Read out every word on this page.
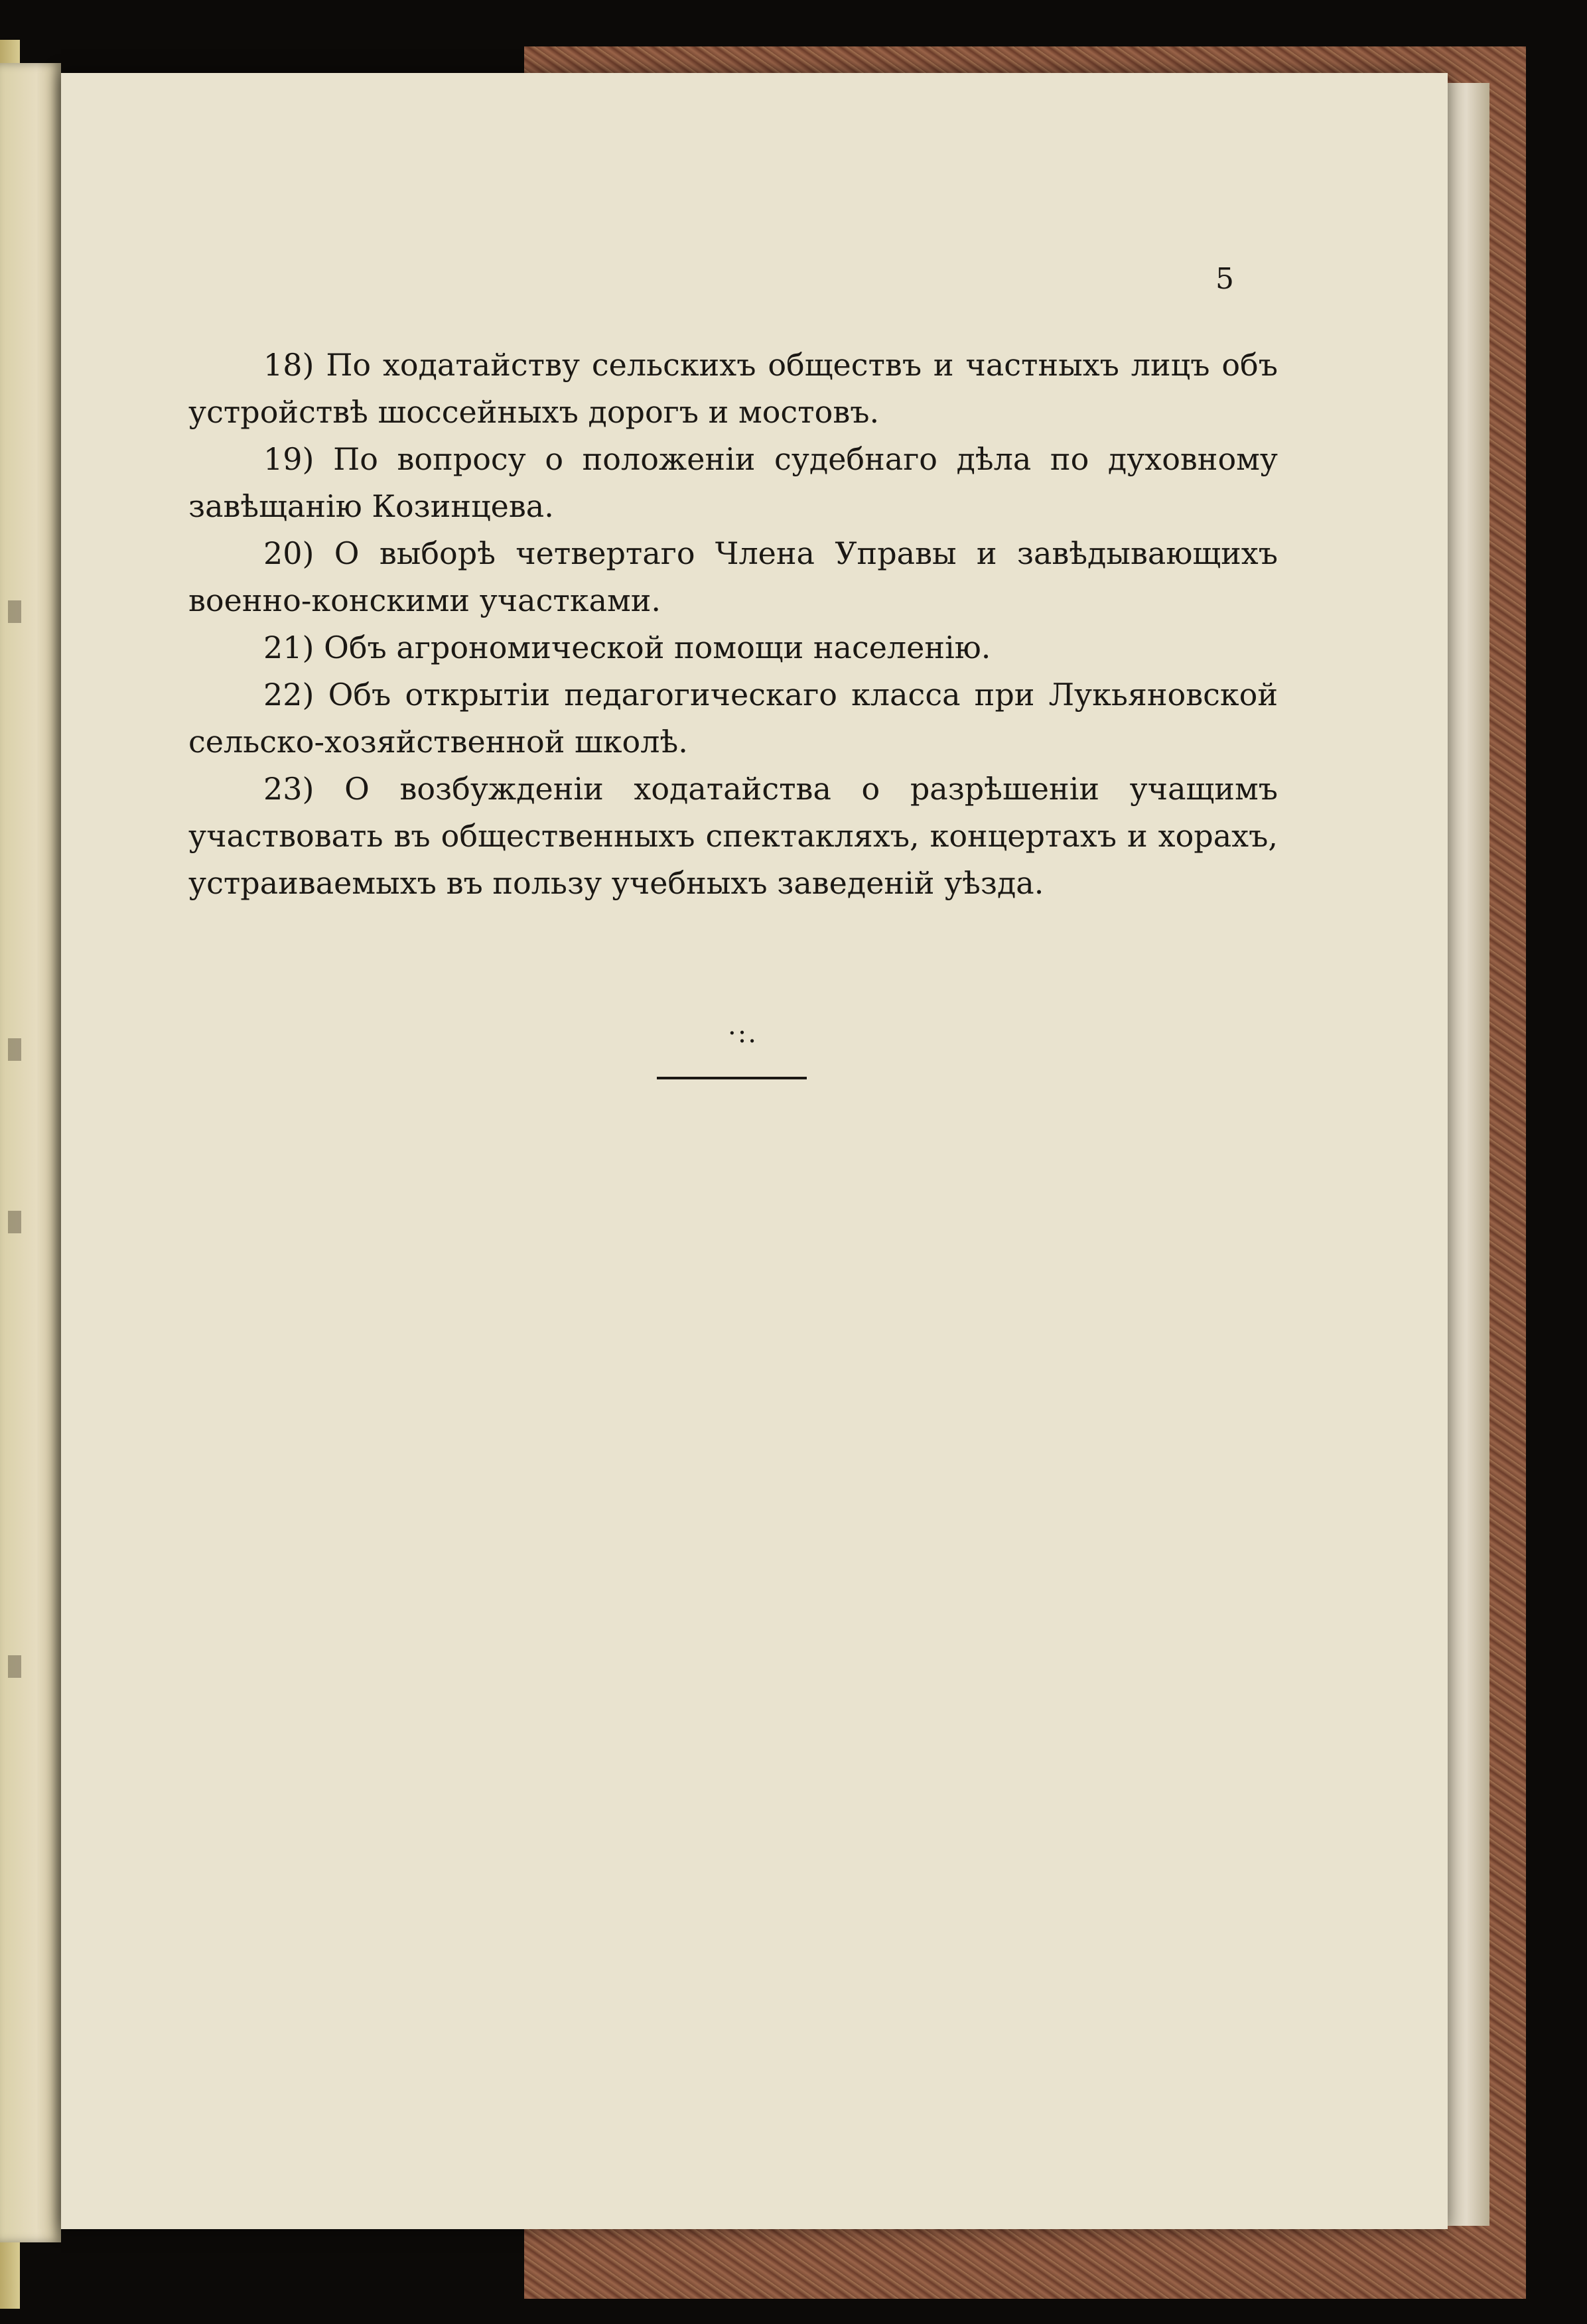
5

18) По ходатайству сельскихъ обществъ и частныхъ лицъ объ устройствѣ шоссейныхъ дорогъ и мостовъ.

19) По вопросу о положеніи судебнаго дѣла по духовному завѣщанію Козинцева.

20) О выборѣ четвертаго Члена Управы и завѣдывающихъ военно-конскими участками.

21) Объ агрономической помощи населенію.

22) Объ открытіи педагогическаго класса при Лукьяновской сельско-хозяйственной школѣ.

23) О возбужденіи ходатайства о разрѣшеніи учащимъ участвовать въ общественныхъ спектакляхъ, концертахъ и хорахъ, устраиваемыхъ въ пользу учебныхъ заведеній уѣзда.

·:.
